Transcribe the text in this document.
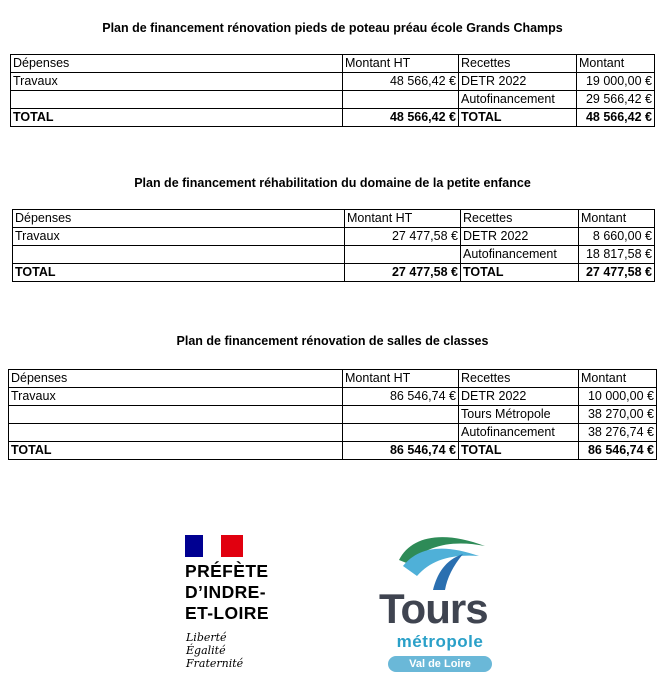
Plan de financement rénovation pieds de poteau préau école Grands Champs

Dépenses	Montant HT	Recettes	Montant
Travaux	48 566,42 €	DETR 2022	19 000,00 €
		Autofinancement	29 566,42 €
TOTAL	48 566,42 €	TOTAL	48 566,42 €

Plan de financement réhabilitation du domaine de la petite enfance

Dépenses	Montant HT	Recettes	Montant
Travaux	27 477,58 €	DETR 2022	8 660,00 €
		Autofinancement	18 817,58 €
TOTAL	27 477,58 €	TOTAL	27 477,58 €

Plan de financement rénovation de salles de classes

Dépenses	Montant HT	Recettes	Montant
Travaux	86 546,74 €	DETR 2022	10 000,00 €
		Tours Métropole	38 270,00 €
		Autofinancement	38 276,74 €
TOTAL	86 546,74 €	TOTAL	86 546,74 €

PRÉFÈTE
D’INDRE-
ET-LOIRE

Liberté
Égalité
Fraternité

Tours

métropole

Val de Loire
